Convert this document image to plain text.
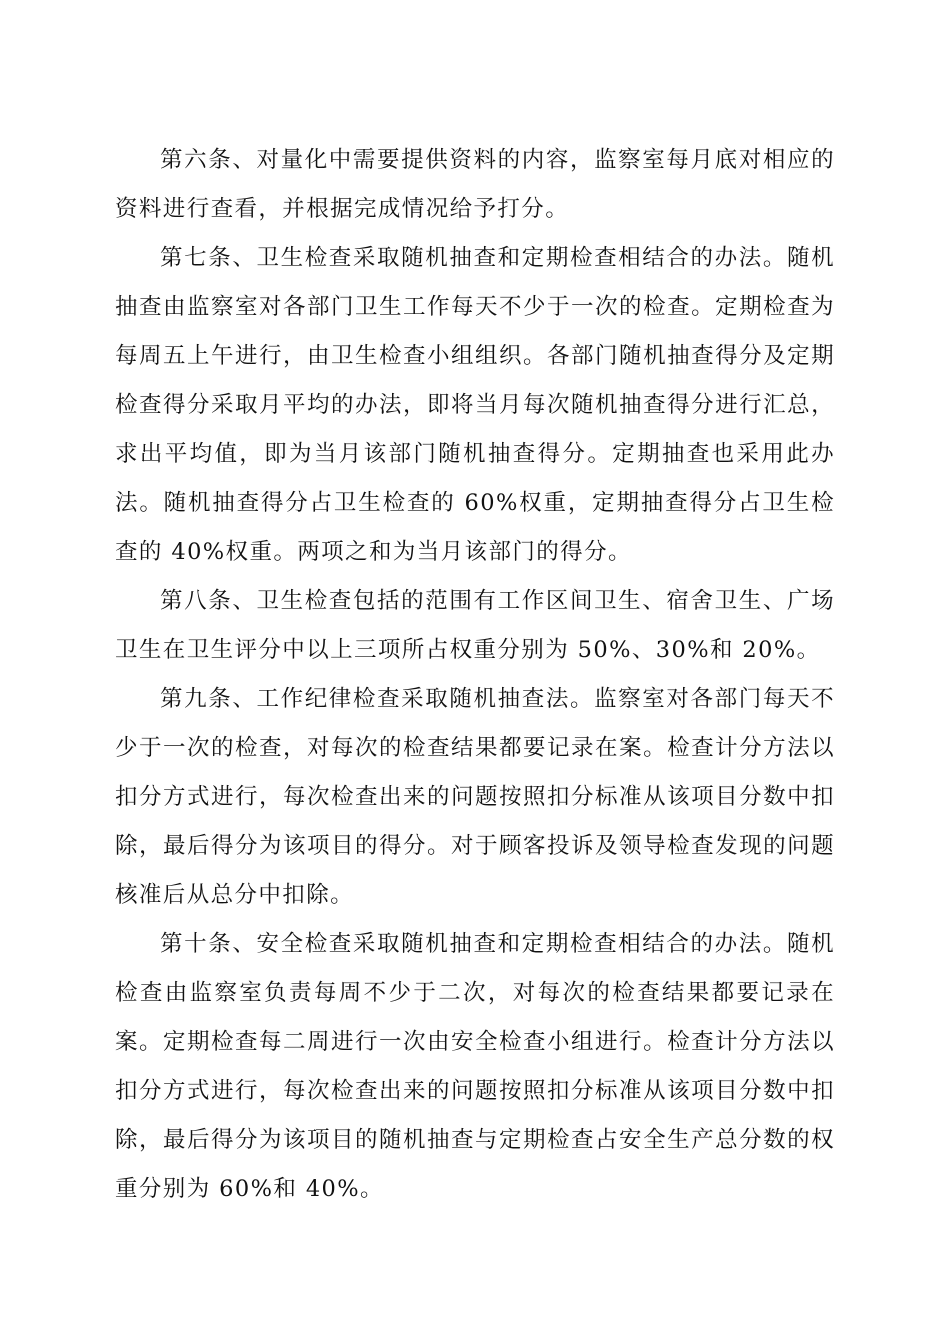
第六条、对量化中需要提供资料的内容，监察室每月底对相应的资料进行查看，并根据完成情况给予打分。

第七条、卫生检查采取随机抽查和定期检查相结合的办法。随机抽查由监察室对各部门卫生工作每天不少于一次的检查。定期检查为每周五上午进行，由卫生检查小组组织。各部门随机抽查得分及定期检查得分采取月平均的办法，即将当月每次随机抽查得分进行汇总，求出平均值，即为当月该部门随机抽查得分。定期抽查也采用此办法。随机抽查得分占卫生检查的 60%权重，定期抽查得分占卫生检查的 40%权重。两项之和为当月该部门的得分。

第八条、卫生检查包括的范围有工作区间卫生、宿舍卫生、广场卫生在卫生评分中以上三项所占权重分别为 50%、30%和 20%。

第九条、工作纪律检查采取随机抽查法。监察室对各部门每天不少于一次的检查，对每次的检查结果都要记录在案。检查计分方法以扣分方式进行，每次检查出来的问题按照扣分标准从该项目分数中扣除，最后得分为该项目的得分。对于顾客投诉及领导检查发现的问题核准后从总分中扣除。

第十条、安全检查采取随机抽查和定期检查相结合的办法。随机检查由监察室负责每周不少于二次，对每次的检查结果都要记录在案。定期检查每二周进行一次由安全检查小组进行。检查计分方法以扣分方式进行，每次检查出来的问题按照扣分标准从该项目分数中扣除，最后得分为该项目的随机抽查与定期检查占安全生产总分数的权重分别为 60%和 40%。
